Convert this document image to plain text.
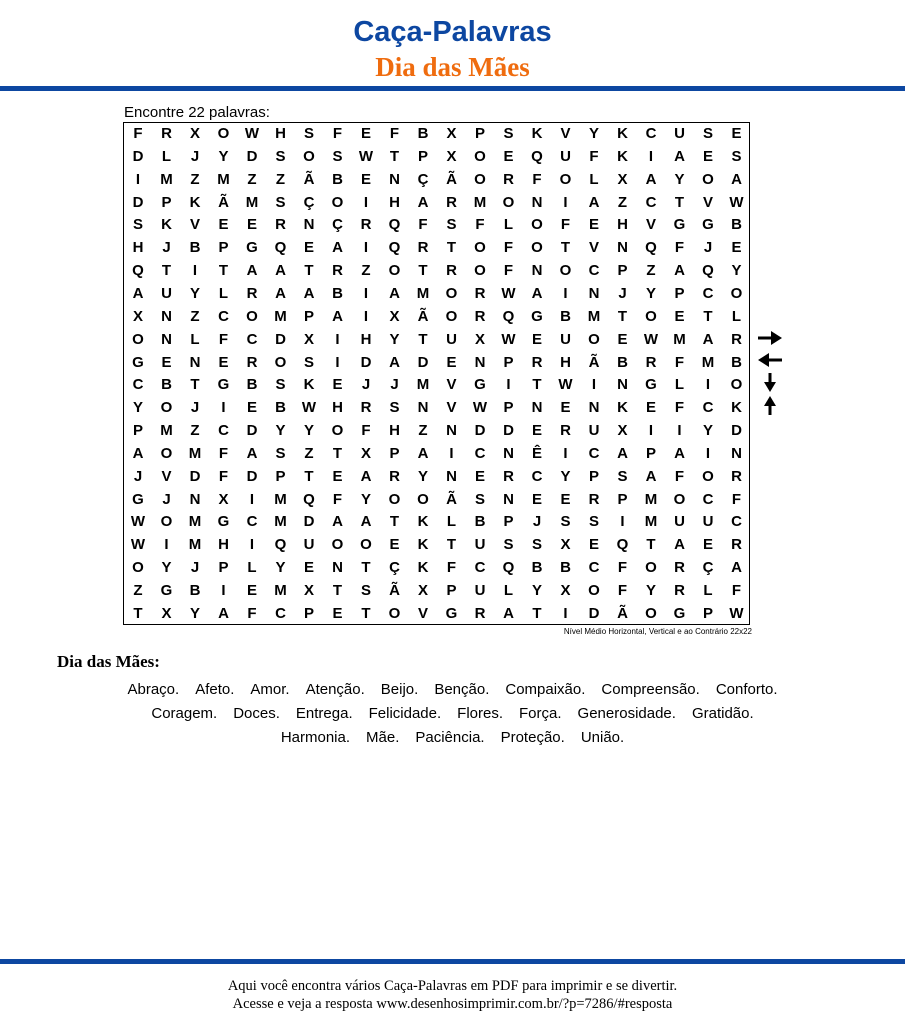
Caça-Palavras
Dia das Mães
Encontre 22 palavras:
F	R	X	O	W	H	S	F	E	F	B	X	P	S	K	V	Y	K	C	U	S	E
D	L	J	Y	D	S	O	S	W	T	P	X	O	E	Q	U	F	K	I	A	E	S
I	M	Z	M	Z	Z	Ã	B	E	N	Ç	Ã	O	R	F	O	L	X	A	Y	O	A
D	P	K	Ã	M	S	Ç	O	I	H	A	R	M	O	N	I	A	Z	C	T	V	W
S	K	V	E	E	R	N	Ç	R	Q	F	S	F	L	O	F	E	H	V	G	G	B
H	J	B	P	G	Q	E	A	I	Q	R	T	O	F	O	T	V	N	Q	F	J	E
Q	T	I	T	A	A	T	R	Z	O	T	R	O	F	N	O	C	P	Z	A	Q	Y
A	U	Y	L	R	A	A	B	I	A	M	O	R	W	A	I	N	J	Y	P	C	O
X	N	Z	C	O	M	P	A	I	X	Ã	O	R	Q	G	B	M	T	O	E	T	L
O	N	L	F	C	D	X	I	H	Y	T	U	X	W	E	U	O	E	W	M	A	R
G	E	N	E	R	O	S	I	D	A	D	E	N	P	R	H	Ã	B	R	F	M	B
C	B	T	G	B	S	K	E	J	J	M	V	G	I	T	W	I	N	G	L	I	O
Y	O	J	I	E	B	W	H	R	S	N	V	W	P	N	E	N	K	E	F	C	K
P	M	Z	C	D	Y	Y	O	F	H	Z	N	D	D	E	R	U	X	I	I	Y	D
A	O	M	F	A	S	Z	T	X	P	A	I	C	N	Ê	I	C	A	P	A	I	N
J	V	D	F	D	P	T	E	A	R	Y	N	E	R	C	Y	P	S	A	F	O	R
G	J	N	X	I	M	Q	F	Y	O	O	Ã	S	N	E	E	R	P	M	O	C	F
W	O	M	G	C	M	D	A	A	T	K	L	B	P	J	S	S	I	M	U	U	C
W	I	M	H	I	Q	U	O	O	E	K	T	U	S	S	X	E	Q	T	A	E	R
O	Y	J	P	L	Y	E	N	T	Ç	K	F	C	Q	B	B	C	F	O	R	Ç	A
Z	G	B	I	E	M	X	T	S	Ã	X	P	U	L	Y	X	O	F	Y	R	L	F
T	X	Y	A	F	C	P	E	T	O	V	G	R	A	T	I	D	Ã	O	G	P	W
Nível Médio Horizontal, Vertical e ao Contrário 22x22
Dia das Mães:
Abraço. Afeto. Amor. Atenção. Beijo. Benção. Compaixão. Compreensão. Conforto.
Coragem. Doces. Entrega. Felicidade. Flores. Força. Generosidade. Gratidão.
Harmonia. Mãe. Paciência. Proteção. União.
Aqui você encontra vários Caça-Palavras em PDF para imprimir e se divertir.
Acesse e veja a resposta www.desenhosimprimir.com.br/?p=7286/#resposta
